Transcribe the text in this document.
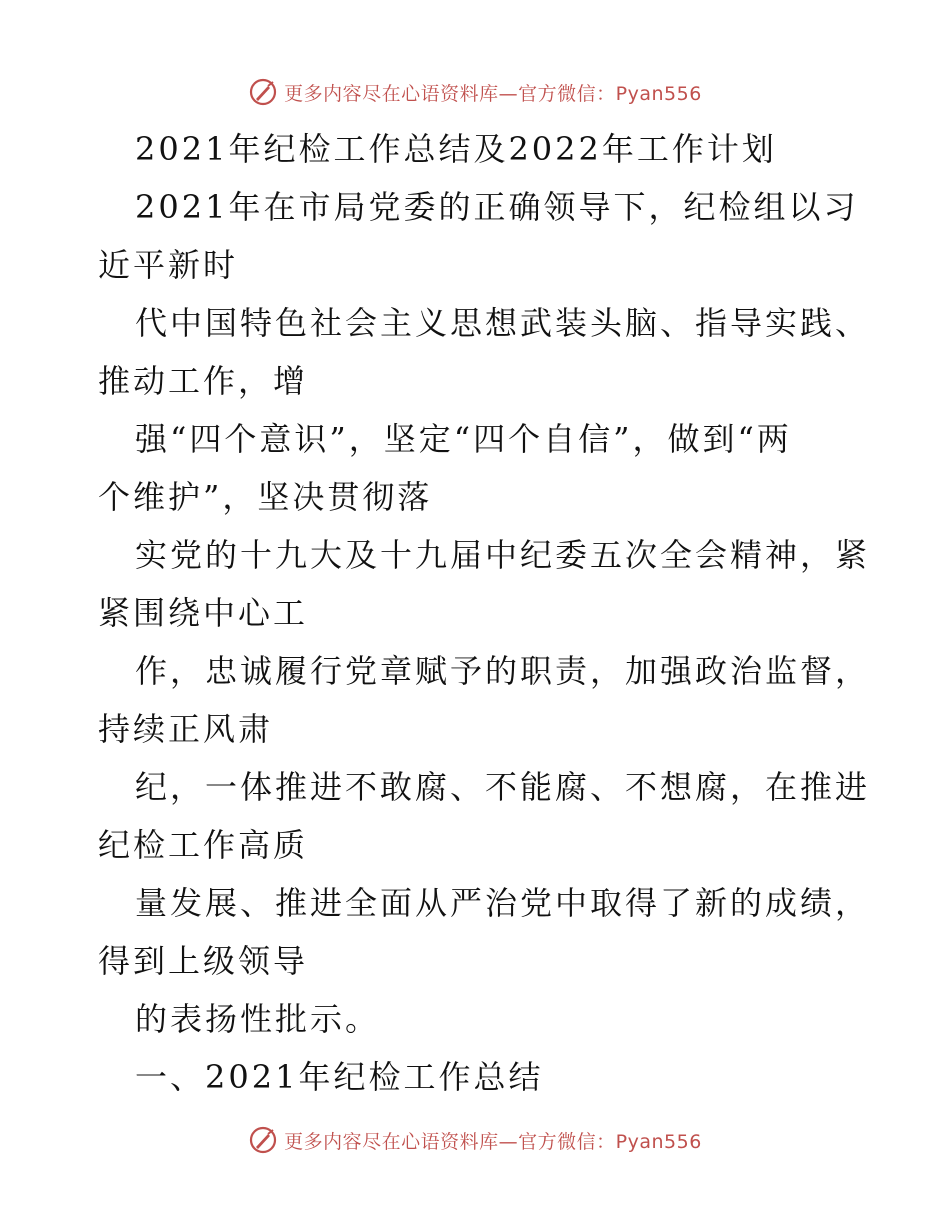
更多内容尽在心语资料库—官方微信：Pyan556
2021年纪检工作总结及2022年工作计划
2021年在市局党委的正确领导下，纪检组以习
近平新时
代中国特色社会主义思想武装头脑、指导实践、
推动工作，增
强“四个意识”，坚定“四个自信”，做到“两
个维护”，坚决贯彻落
实党的十九大及十九届中纪委五次全会精神，紧
紧围绕中心工
作，忠诚履行党章赋予的职责，加强政治监督，
持续正风肃
纪，一体推进不敢腐、不能腐、不想腐，在推进
纪检工作高质
量发展、推进全面从严治党中取得了新的成绩，
得到上级领导
的表扬性批示。
一、2021年纪检工作总结
更多内容尽在心语资料库—官方微信：Pyan556
